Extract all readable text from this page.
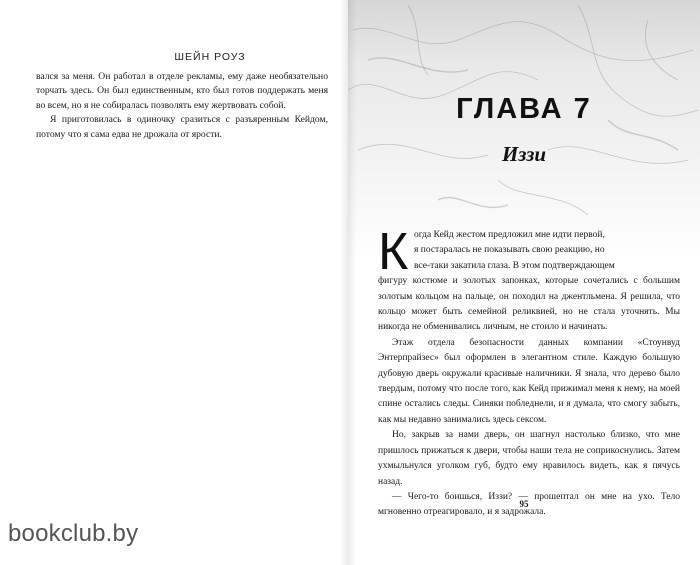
ШЕЙН РОУЗ

вался за меня. Он работал в отделе рекламы, ему даже необязательно торчать здесь. Он был единственным, кто был готов поддержать меня во всем, но я не собиралась позволять ему жертвовать собой.

Я приготовилась в одиночку сразиться с разъяренным Кейдом, потому что я сама едва не дрожала от ярости.

bookclub.by
ГЛАВА 7
Иззи
К огда Кейд жестом предложил мне идти первой,
я постаралась не показывать свою реакцию, но
все-таки закатила глаза. В этом подтверждающем

фигуру костюме и золотых запонках, которые сочетались с большим золотым кольцом на пальце, он походил на джентльмена. Я решила, что кольцо может быть семейной реликвией, но не стала уточнять. Мы никогда не обменивались личным, не стоило и начинать.

Этаж отдела безопасности данных компании «Стоунвуд Энтерпрайзес» был оформлен в элегантном стиле. Каждую большую дубовую дверь окружали красивые наличники. Я знала, что дерево было твердым, потому что после того, как Кейд прижимал меня к нему, на моей спине остались следы. Синяки побледнели, и я думала, что смогу забыть, как мы недавно занимались здесь сексом.

Но, закрыв за нами дверь, он шагнул настолько близко, что мне пришлось прижаться к двери, чтобы наши тела не соприкоснулись. Затем ухмыльнулся уголком губ, будто ему нравилось видеть, как я пячусь назад.

— Чего-то боишься, Иззи? — прошептал он мне на ухо. Тело мгновенно отреагировало, и я задрожала.

95
